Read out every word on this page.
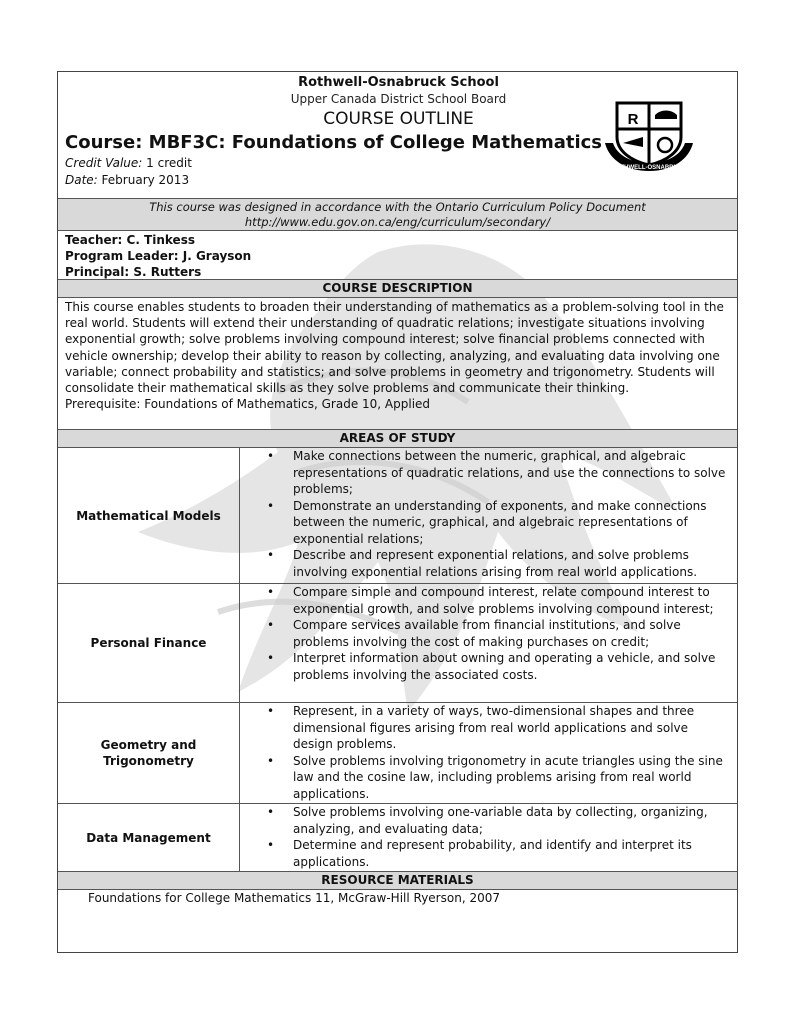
Rothwell-Osnabruck School
Upper Canada District School Board
COURSE OUTLINE
Course: MBF3C: Foundations of College Mathematics
Credit Value: 1 credit
Date: February 2013
R
ROTHWELL-OSNABRUCK
This course was designed in accordance with the Ontario Curriculum Policy Document
http://www.edu.gov.on.ca/eng/curriculum/secondary/
Teacher: C. Tinkess
Program Leader: J. Grayson
Principal: S. Rutters
COURSE DESCRIPTION
This course enables students to broaden their understanding of mathematics as a problem-solving tool in the real world. Students will extend their understanding of quadratic relations; investigate situations involving exponential growth; solve problems involving compound interest; solve financial problems connected with vehicle ownership; develop their ability to reason by collecting, analyzing, and evaluating data involving one variable; connect probability and statistics; and solve problems in geometry and trigonometry. Students will consolidate their mathematical skills as they solve problems and communicate their thinking.
Prerequisite: Foundations of Mathematics, Grade 10, Applied
AREAS OF STUDY
Mathematical Models
• Make connections between the numeric, graphical, and algebraic representations of quadratic relations, and use the connections to solve problems;
• Demonstrate an understanding of exponents, and make connections between the numeric, graphical, and algebraic representations of exponential relations;
• Describe and represent exponential relations, and solve problems involving exponential relations arising from real world applications.
Personal Finance
• Compare simple and compound interest, relate compound interest to exponential growth, and solve problems involving compound interest;
• Compare services available from financial institutions, and solve problems involving the cost of making purchases on credit;
• Interpret information about owning and operating a vehicle, and solve problems involving the associated costs.
Geometry and Trigonometry
• Represent, in a variety of ways, two-dimensional shapes and three dimensional figures arising from real world applications and solve design problems.
• Solve problems involving trigonometry in acute triangles using the sine law and the cosine law, including problems arising from real world applications.
Data Management
• Solve problems involving one-variable data by collecting, organizing, analyzing, and evaluating data;
• Determine and represent probability, and identify and interpret its applications.
RESOURCE MATERIALS
Foundations for College Mathematics 11, McGraw-Hill Ryerson, 2007
